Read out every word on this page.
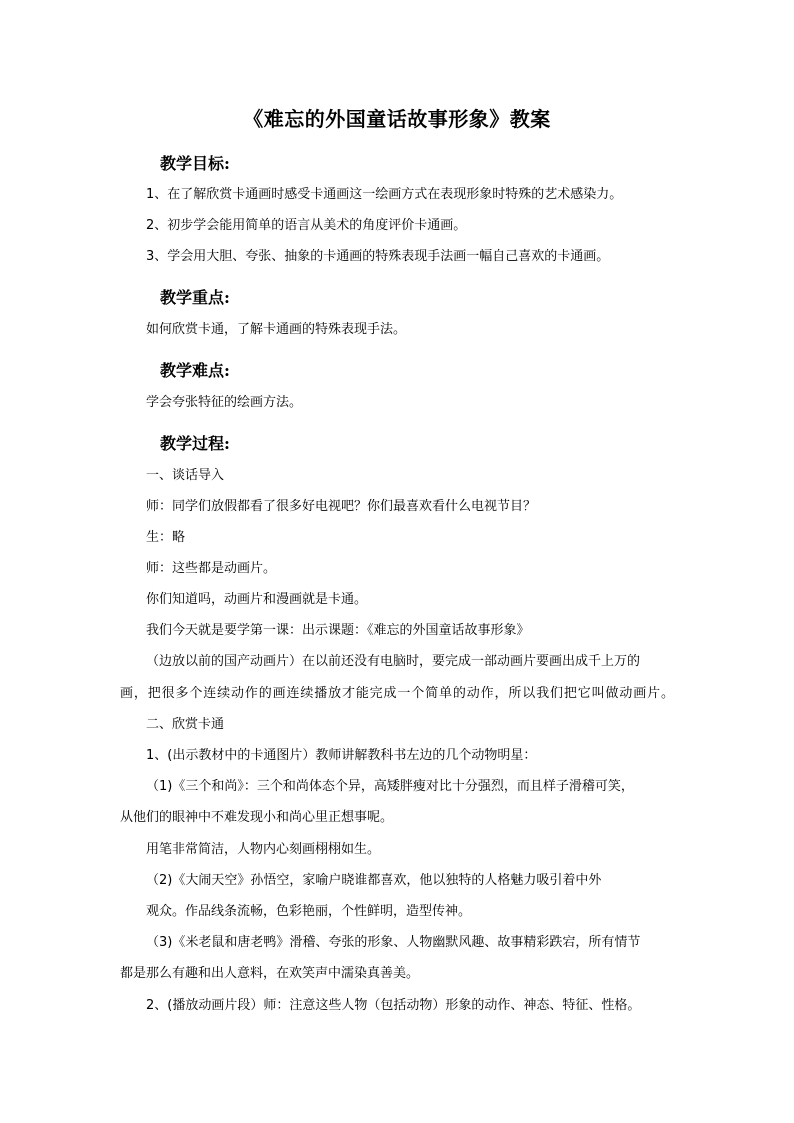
《难忘的外国童话故事形象》教案
教学目标:
1、在了解欣赏卡通画时感受卡通画这一绘画方式在表现形象时特殊的艺术感染力。
2、初步学会能用简单的语言从美术的角度评价卡通画。
3、学会用大胆、夸张、抽象的卡通画的特殊表现手法画一幅自己喜欢的卡通画。
教学重点:
如何欣赏卡通，了解卡通画的特殊表现手法。
教学难点:
学会夸张特征的绘画方法。
教学过程:
一、谈话导入
师：同学们放假都看了很多好电视吧？你们最喜欢看什么电视节目？
生：略
师：这些都是动画片。
你们知道吗，动画片和漫画就是卡通。
我们今天就是要学第一课：出示课题：《难忘的外国童话故事形象》
（边放以前的国产动画片）在以前还没有电脑时，要完成一部动画片要画出成千上万的
画，把很多个连续动作的画连续播放才能完成一个简单的动作，所以我们把它叫做动画片。
二、欣赏卡通
1、(出示教材中的卡通图片）教师讲解教科书左边的几个动物明星：
（1)《三个和尚》：三个和尚体态个异，高矮胖瘦对比十分强烈，而且样子滑稽可笑，
从他们的眼神中不难发现小和尚心里正想事呢。
用笔非常简洁，人物内心刻画栩栩如生。
（2)《大闹天空》孙悟空，家喻户晓谁都喜欢，他以独特的人格魅力吸引着中外
观众。作品线条流畅，色彩艳丽，个性鲜明，造型传神。
（3)《米老鼠和唐老鸭》滑稽、夸张的形象、人物幽默风趣、故事精彩跌宕，所有情节
都是那么有趣和出人意料，在欢笑声中濡染真善美。
2、(播放动画片段）师：注意这些人物（包括动物）形象的动作、神态、特征、性格。
